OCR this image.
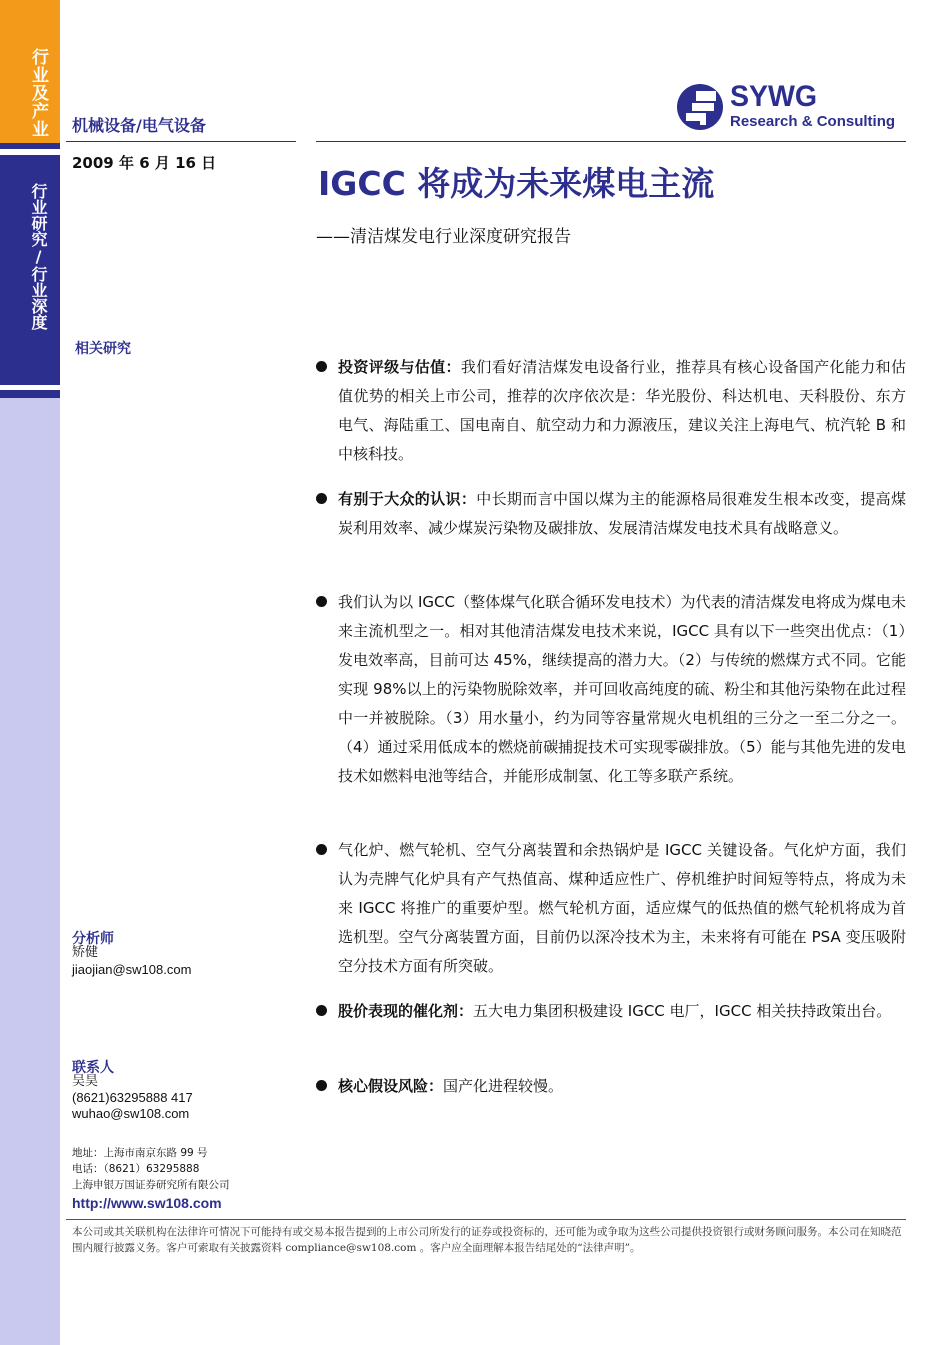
行业及产业
行业研究/行业深度
机械设备/电气设备
2009 年 6 月 16 日
SYWG
Research & Consulting
IGCC 将成为未来煤电主流
——清洁煤发电行业深度研究报告
相关研究
分析师
矫健
jiaojian@sw108.com
联系人
吴昊
(8621)63295888 417
wuhao@sw108.com
地址：上海市南京东路 99 号
电话：（8621）63295888
上海申银万国证券研究所有限公司
http://www.sw108.com
投资评级与估值：我们看好清洁煤发电设备行业，推荐具有核心设备国产化能力和估值优势的相关上市公司，推荐的次序依次是：华光股份、科达机电、天科股份、东方电气、海陆重工、国电南自、航空动力和力源液压，建议关注上海电气、杭汽轮 B 和中核科技。
有别于大众的认识：中长期而言中国以煤为主的能源格局很难发生根本改变，提高煤炭利用效率、减少煤炭污染物及碳排放、发展清洁煤发电技术具有战略意义。
我们认为以 IGCC（整体煤气化联合循环发电技术）为代表的清洁煤发电将成为煤电未来主流机型之一。相对其他清洁煤发电技术来说，IGCC 具有以下一些突出优点：（1）发电效率高，目前可达 45%，继续提高的潜力大。（2）与传统的燃煤方式不同。它能实现 98%以上的污染物脱除效率，并可回收高纯度的硫、粉尘和其他污染物在此过程中一并被脱除。（3）用水量小，约为同等容量常规火电机组的三分之一至二分之一。（4）通过采用低成本的燃烧前碳捕捉技术可实现零碳排放。（5）能与其他先进的发电技术如燃料电池等结合，并能形成制氢、化工等多联产系统。
气化炉、燃气轮机、空气分离装置和余热锅炉是 IGCC 关键设备。气化炉方面，我们认为壳牌气化炉具有产气热值高、煤种适应性广、停机维护时间短等特点，将成为未来 IGCC 将推广的重要炉型。燃气轮机方面，适应煤气的低热值的燃气轮机将成为首选机型。空气分离装置方面，目前仍以深冷技术为主，未来将有可能在 PSA 变压吸附空分技术方面有所突破。
股价表现的催化剂：五大电力集团积极建设 IGCC 电厂，IGCC 相关扶持政策出台。
核心假设风险：国产化进程较慢。
本公司或其关联机构在法律许可情况下可能持有或交易本报告提到的上市公司所发行的证券或投资标的，还可能为或争取为这些公司提供投资银行或财务顾问服务。本公司在知晓范围内履行披露义务。客户可索取有关披露资料 compliance@sw108.com 。客户应全面理解本报告结尾处的“法律声明”。
